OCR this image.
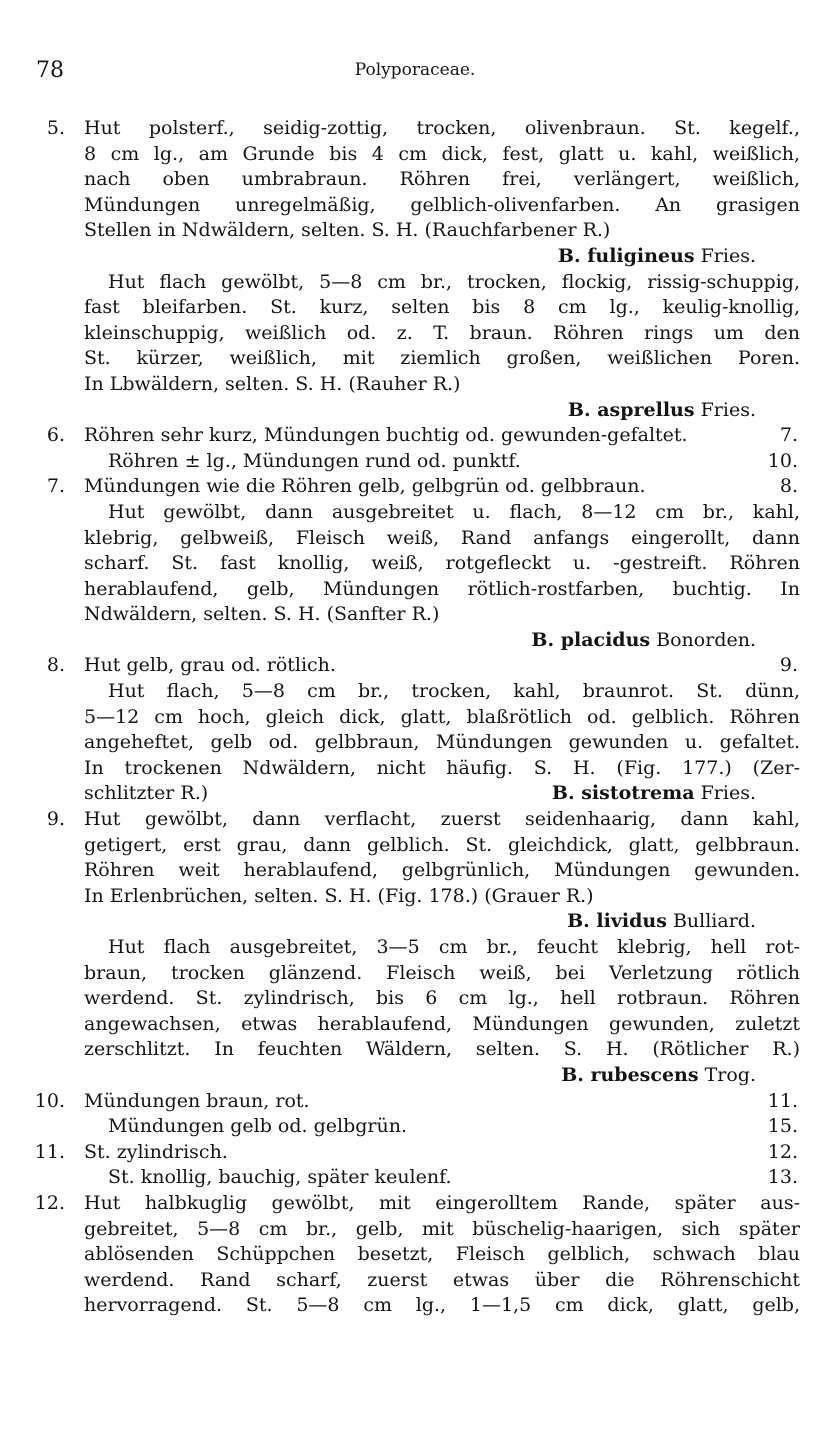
78	Polyporaceae.
5. Hut polsterf., seidig-zottig, trocken, olivenbraun. St. kegelf.,
8 cm lg., am Grunde bis 4 cm dick, fest, glatt u. kahl, weißlich,
nach oben umbrabraun. Röhren frei, verlängert, weißlich,
Mündungen unregelmäßig, gelblich-olivenfarben. An grasigen
Stellen in Ndwäldern, selten. S. H. (Rauchfarbener R.)
B. fuligineus Fries.
Hut flach gewölbt, 5—8 cm br., trocken, flockig, rissig-schuppig,
fast bleifarben. St. kurz, selten bis 8 cm lg., keulig-knollig,
kleinschuppig, weißlich od. z. T. braun. Röhren rings um den
St. kürzer, weißlich, mit ziemlich großen, weißlichen Poren.
In Lbwäldern, selten. S. H. (Rauher R.)
B. asprellus Fries.
6. Röhren sehr kurz, Mündungen buchtig od. gewunden-gefaltet.	7.
Röhren ± lg., Mündungen rund od. punktf.	10.
7. Mündungen wie die Röhren gelb, gelbgrün od. gelbbraun.	8.
Hut gewölbt, dann ausgebreitet u. flach, 8—12 cm br., kahl,
klebrig, gelbweiß, Fleisch weiß, Rand anfangs eingerollt, dann
scharf. St. fast knollig, weiß, rotgefleckt u. -gestreift. Röhren
herablaufend, gelb, Mündungen rötlich-rostfarben, buchtig. In
Ndwäldern, selten. S. H. (Sanfter R.)
B. placidus Bonorden.
8. Hut gelb, grau od. rötlich.	9.
Hut flach, 5—8 cm br., trocken, kahl, braunrot. St. dünn,
5—12 cm hoch, gleich dick, glatt, blaßrötlich od. gelblich. Röhren
angeheftet, gelb od. gelbbraun, Mündungen gewunden u. gefaltet.
In trockenen Ndwäldern, nicht häufig. S. H. (Fig. 177.) (Zer-
schlitzter R.)	B. sistotrema Fries.
9. Hut gewölbt, dann verflacht, zuerst seidenhaarig, dann kahl,
getigert, erst grau, dann gelblich. St. gleichdick, glatt, gelbbraun.
Röhren weit herablaufend, gelbgrünlich, Mündungen gewunden.
In Erlenbrüchen, selten. S. H. (Fig. 178.) (Grauer R.)
B. lividus Bulliard.
Hut flach ausgebreitet, 3—5 cm br., feucht klebrig, hell rot-
braun, trocken glänzend. Fleisch weiß, bei Verletzung rötlich
werdend. St. zylindrisch, bis 6 cm lg., hell rotbraun. Röhren
angewachsen, etwas herablaufend, Mündungen gewunden, zuletzt
zerschlitzt. In feuchten Wäldern, selten. S. H. (Rötlicher R.)
B. rubescens Trog.
10. Mündungen braun, rot.	11.
Mündungen gelb od. gelbgrün.	15.
11. St. zylindrisch.	12.
St. knollig, bauchig, später keulenf.	13.
12. Hut halbkuglig gewölbt, mit eingerolltem Rande, später aus-
gebreitet, 5—8 cm br., gelb, mit büschelig-haarigen, sich später
ablösenden Schüppchen besetzt, Fleisch gelblich, schwach blau
werdend. Rand scharf, zuerst etwas über die Röhrenschicht
hervorragend. St. 5—8 cm lg., 1—1,5 cm dick, glatt, gelb,
